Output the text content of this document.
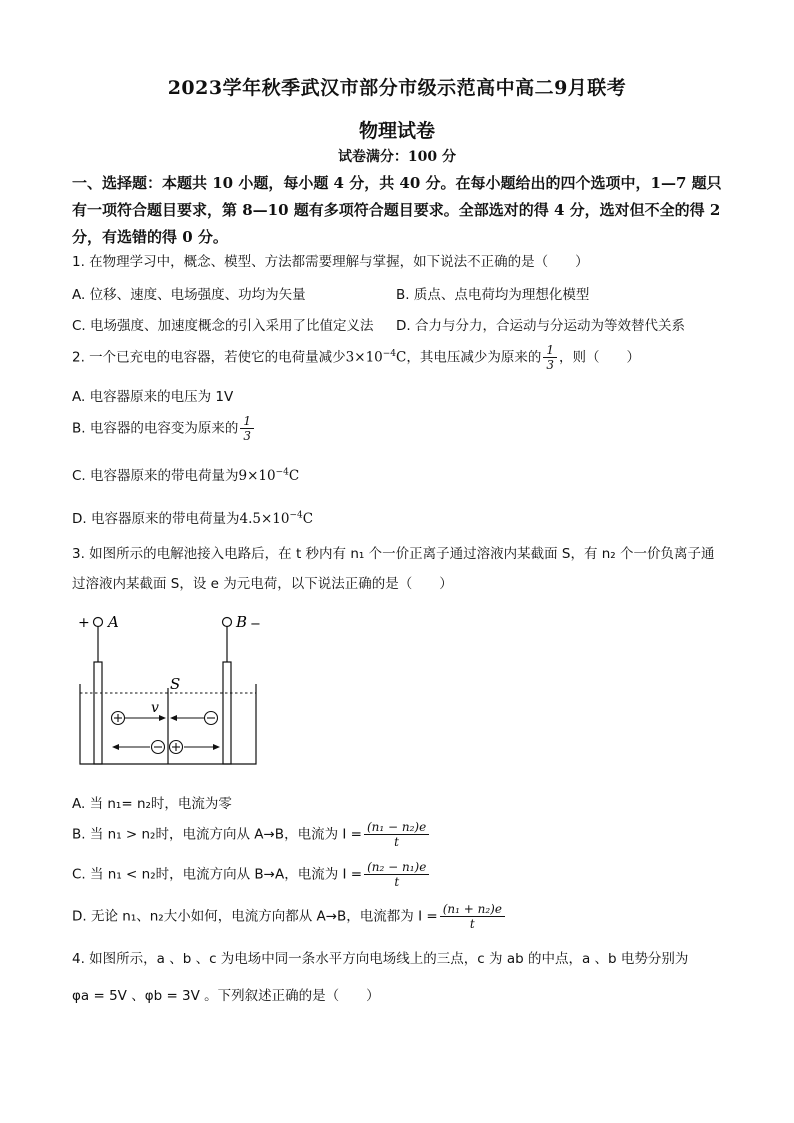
2023学年秋季武汉市部分市级示范高中高二9月联考
物理试卷
试卷满分：100 分
一、选择题：本题共 10 小题，每小题 4 分，共 40 分。在每小题给出的四个选项中，1—7 题只有一项符合题目要求，第 8—10 题有多项符合题目要求。全部选对的得 4 分，选对但不全的得 2 分，有选错的得 0 分。
1. 在物理学习中，概念、模型、方法都需要理解与掌握，如下说法不正确的是（　　）
A. 位移、速度、电场强度、功均为矢量	B. 质点、点电荷均为理想化模型
C. 电场强度、加速度概念的引入采用了比值定义法 D. 合力与分力，合运动与分运动为等效替代关系
2. 一个已充电的电容器，若使它的电荷量减少$3\times 10^{-4}C$，其电压减少为原来的 $\frac{1}{3}$ ，则（　　）
A. 电容器原来的电压为 1V
B. 电容器的电容变为原来的 $\frac{1}{3}$
C. 电容器原来的带电荷量为$9\times 10^{-4}C$
D. 电容器原来的带电荷量为$4.5\times 10^{-4}C$
3. 如图所示的电解池接入电路后，在 t 秒内有 n₁ 个一价正离子通过溶液内某截面 S，有 n₂ 个一价负离子通
过溶液内某截面 S，设 e 为元电荷，以下说法正确的是（　　）
+ A	B −
S
v
A. 当 n₁= n₂时，电流为零
B. 当 n₁ > n₂时，电流方向从 A→B，电流为 $I = \frac{\text{(n₁ − n₂)e}}{t}$
C. 当 n₁ < n₂时，电流方向从 B→A，电流为 $I = \frac{\text{(n₂ − n₁)e}}{t}$
D. 无论 n₁、n₂大小如何，电流方向都从 A→B，电流都为 $I = \frac{\text{(n₁ + n₂)e}}{t}$
4. 如图所示，a 、b 、c 为电场中同一条水平方向电场线上的三点，c 为 ab 的中点，a 、b 电势分别为
φa = 5V 、φb = 3V 。下列叙述正确的是（　　）
